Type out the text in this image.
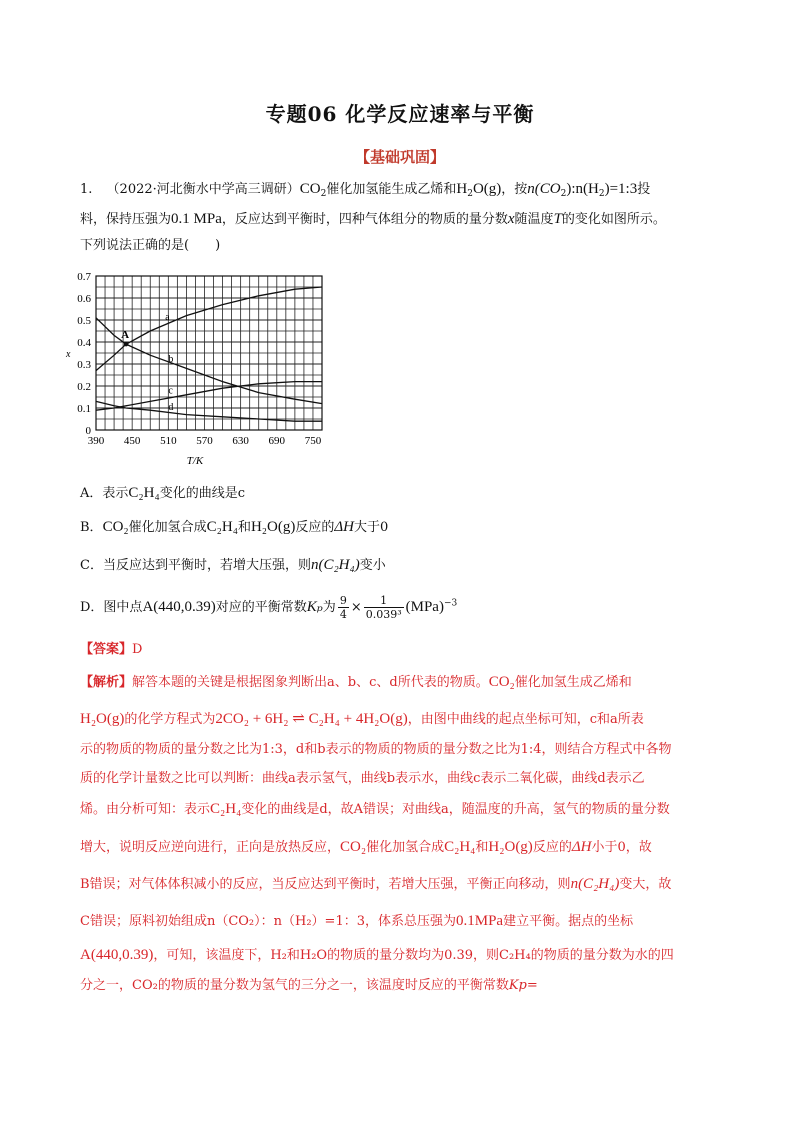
专题06 化学反应速率与平衡
【基础巩固】
1. （2022·河北衡水中学高三调研）$CO_2$催化加氢能生成乙烯和$H_2O(g)$，按$n(CO_2):n(H_2)=1:3$投
料，保持压强为0.1 MPa，反应达到平衡时，四种气体组分的物质的量分数x随温度T的变化如图所示。
下列说法正确的是(　　)
390 450 510 570 630 690 750
0
0.1
0.2
0.3
0.4
0.5
0.6
0.7
a
b
c
d
A
T/K
x
A．表示C₂H₄变化的曲线是c
B．CO₂催化加氢合成C₂H₄和H₂O(g)反应的ΔH大于0
C．当反应达到平衡时，若增大压强，则n(C₂H₄)变小
D．图中点A(440,0.39)对应的平衡常数Kₚ为 $\frac{9}{4} \times \frac{1}{\text{0.039³}} (MPa)^{-3}$
【答案】D
【解析】解答本题的关键是根据图象判断出a、b、c、d所代表的物质。CO₂催化加氢生成乙烯和
H₂O(g)的化学方程式为2CO₂ + 6H₂ ⇌ C₂H₄ + 4H₂O(g)，由图中曲线的起点坐标可知，c和a所表
示的物质的物质的量分数之比为1:3，d和b表示的物质的物质的量分数之比为1:4，则结合方程式中各物
质的化学计量数之比可以判断：曲线a表示氢气，曲线b表示水，曲线c表示二氧化碳，曲线d表示乙
烯。由分析可知：表示C₂H₄变化的曲线是d，故A错误；对曲线a，随温度的升高，氢气的物质的量分数
增大，说明反应逆向进行，正向是放热反应，CO₂催化加氢合成C₂H₄和H₂O(g)反应的ΔH小于0，故
B错误；对气体体积减小的反应，当反应达到平衡时，若增大压强，平衡正向移动，则n(C₂H₄)变大，故
C错误；原料初始组成n（CO₂）：n（H₂）=1：3，体系总压强为0.1MPa建立平衡。据点的坐标
A(440,0.39)，可知，该温度下，H₂和H₂O的物质的量分数均为0.39，则C₂H₄的物质的量分数为水的四
分之一，CO₂的物质的量分数为氢气的三分之一，该温度时反应的平衡常数Kp=
